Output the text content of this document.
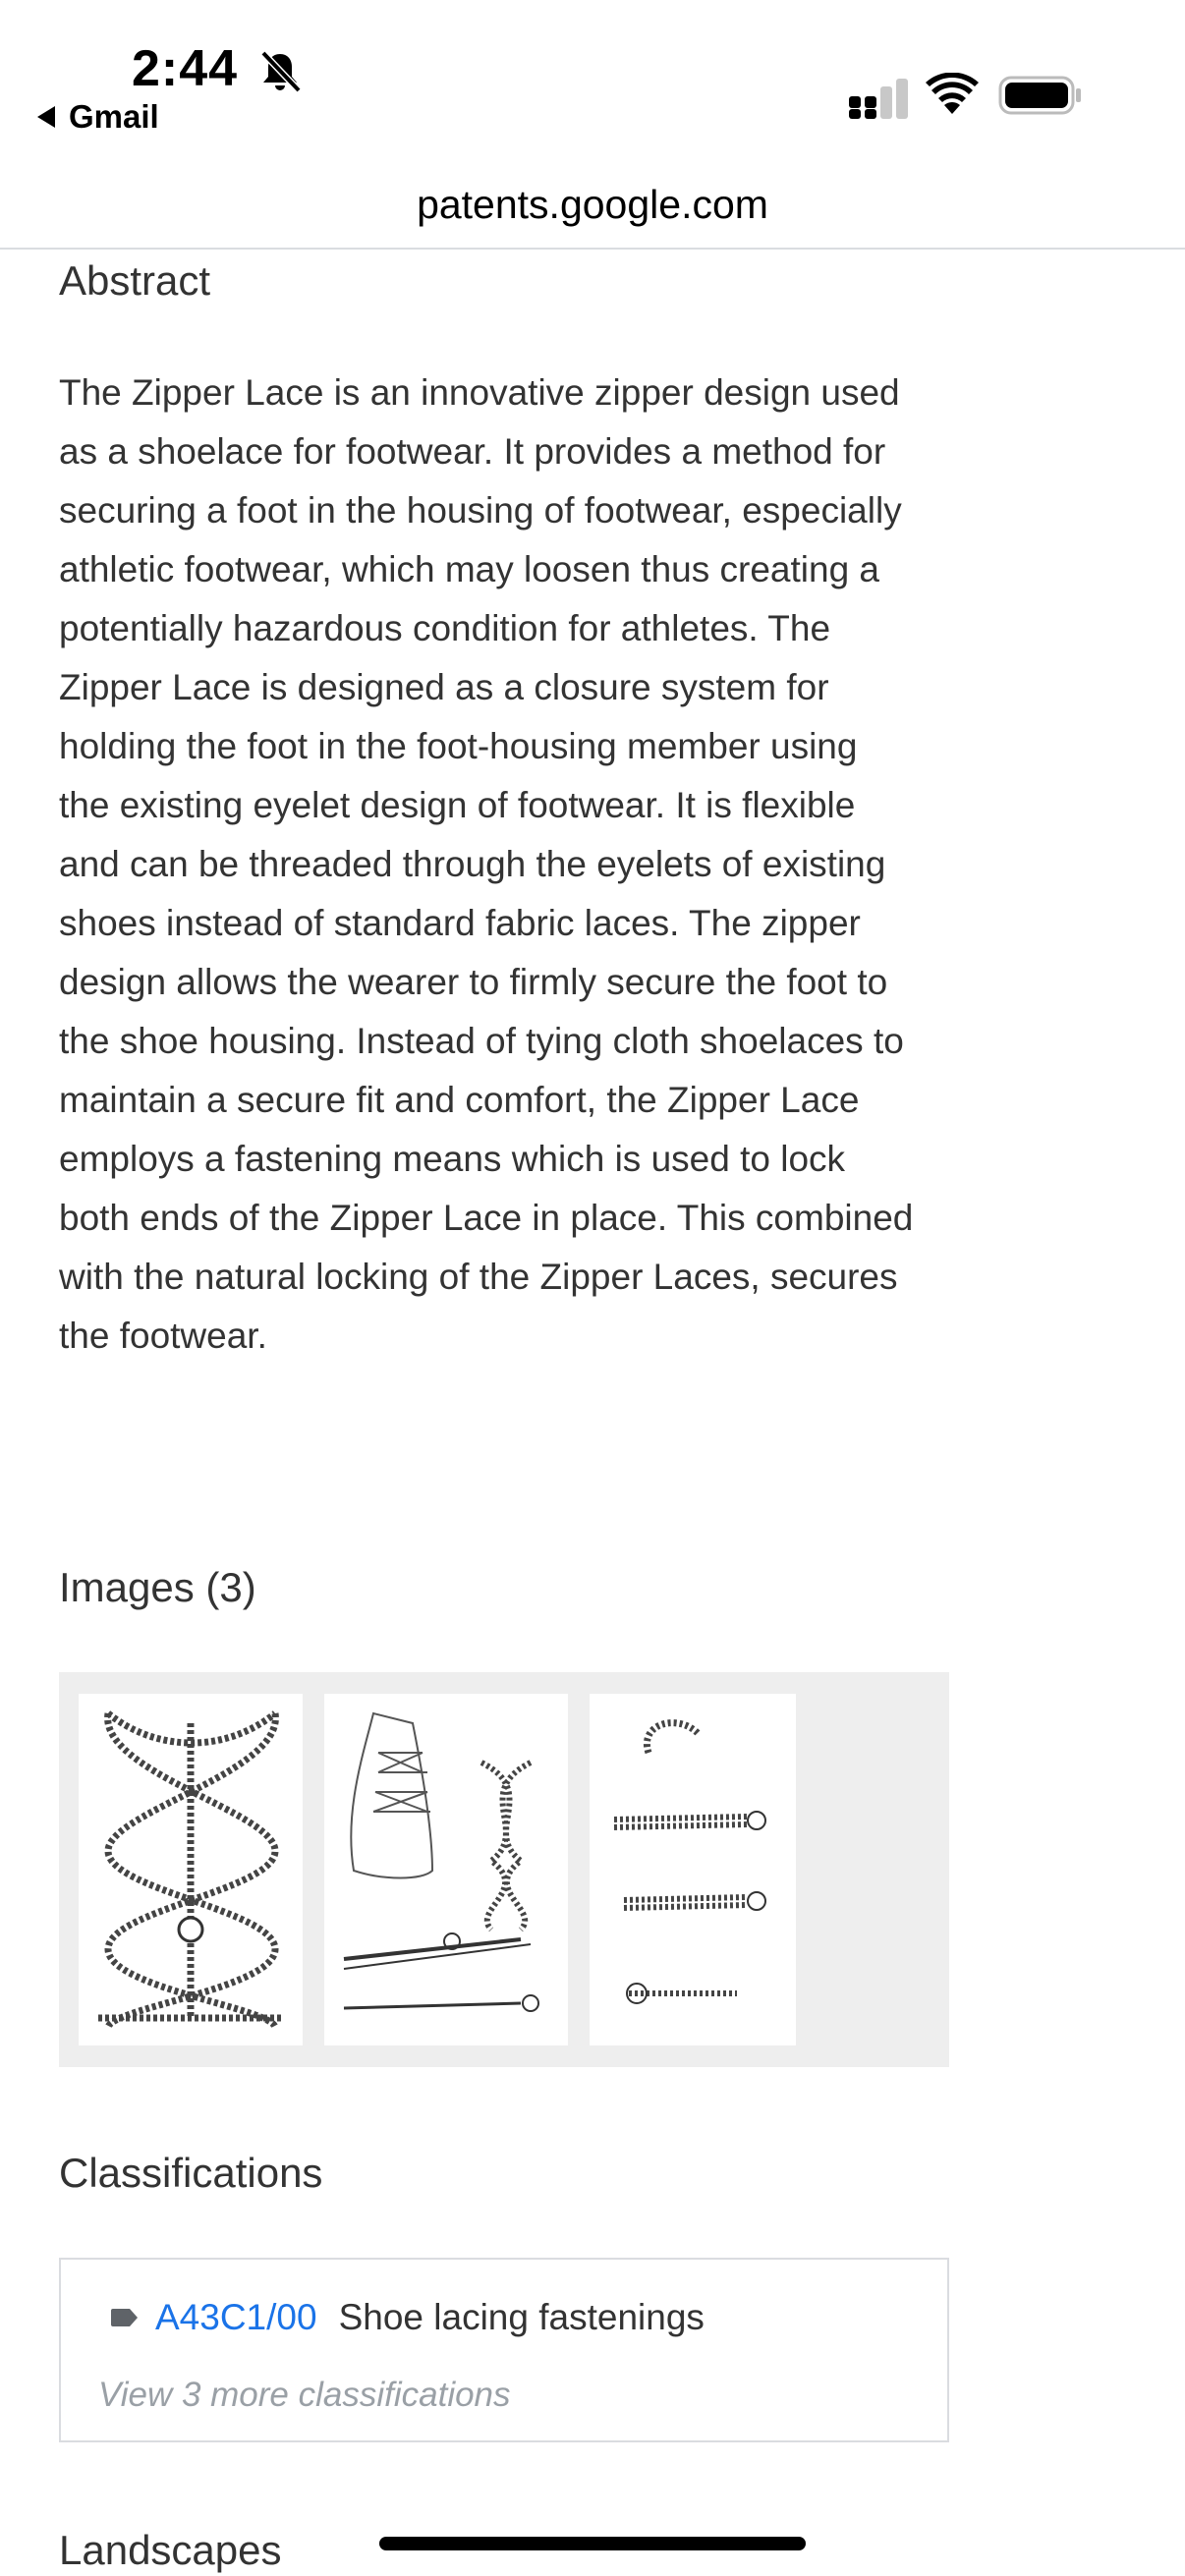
2:44
Gmail
patents.google.com
Abstract

The Zipper Lace is an innovative zipper design used as a shoelace for footwear. It provides a method for securing a foot in the housing of footwear, especially athletic footwear, which may loosen thus creating a potentially hazardous condition for athletes. The Zipper Lace is designed as a closure system for holding the foot in the foot-housing member using the existing eyelet design of footwear. It is flexible and can be threaded through the eyelets of existing shoes instead of standard fabric laces. The zipper design allows the wearer to firmly secure the foot to the shoe housing. Instead of tying cloth shoelaces to maintain a secure fit and comfort, the Zipper Lace employs a fastening means which is used to lock both ends of the Zipper Lace in place. This combined with the natural locking of the Zipper Laces, secures the footwear.

Images (3)
Classifications
A43C1/00 Shoe lacing fastenings
View 3 more classifications
Landscapes
